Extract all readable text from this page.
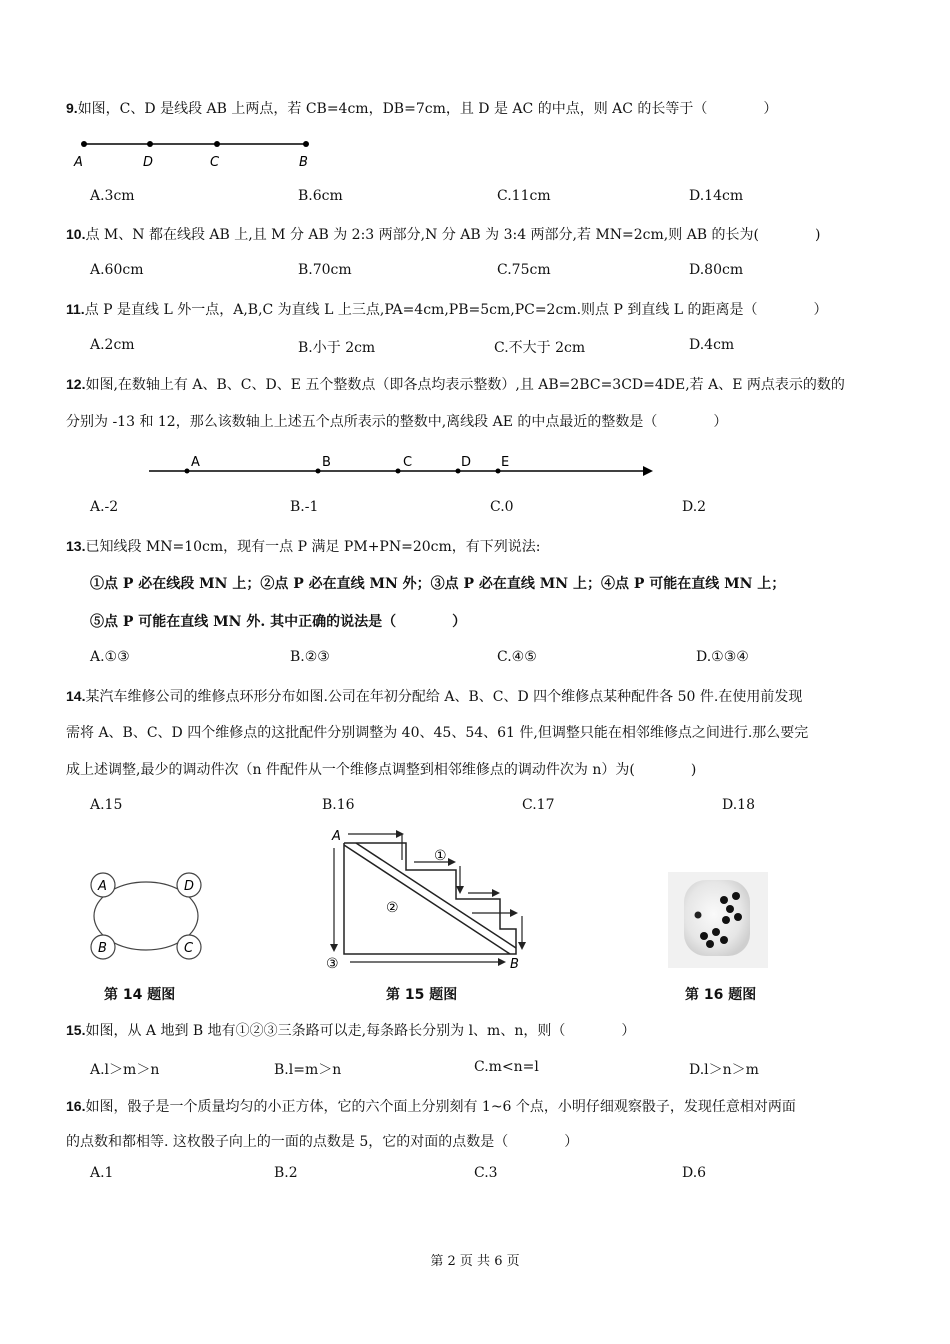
9.如图，C、D 是线段 AB 上两点，若 CB=4cm，DB=7cm，且 D 是 AC 的中点，则 AC 的长等于（　　　　）
A	D	C	B
A.3cm	B.6cm	C.11cm	D.14cm
10.点 M、N 都在线段 AB 上,且 M 分 AB 为 2:3 两部分,N 分 AB 为 3:4 两部分,若 MN=2cm,则 AB 的长为(　　　　)
A.60cm	B.70cm	C.75cm	D.80cm
11.点 P 是直线 L 外一点，A,B,C 为直线 L 上三点,PA=4cm,PB=5cm,PC=2cm.则点 P 到直线 L 的距离是（　　　　）
A.2cm	B.小于 2cm	C.不大于 2cm	D.4cm
12.如图,在数轴上有 A、B、C、D、E 五个整数点（即各点均表示整数）,且 AB=2BC=3CD=4DE,若 A、E 两点表示的数的
分别为 -13 和 12，那么该数轴上上述五个点所表示的整数中,离线段 AE 的中点最近的整数是（　　　　）
A	B	C	D E
A.-2	B.-1	C.0	D.2
13.已知线段 MN=10cm，现有一点 P 满足 PM+PN=20cm，有下列说法:
①点 P 必在线段 MN 上；②点 P 必在直线 MN 外；③点 P 必在直线 MN 上；④点 P 可能在直线 MN 上；
⑤点 P 可能在直线 MN 外. 其中正确的说法是（　　　　）
A.①③	B.②③	C.④⑤	D.①③④
14.某汽车维修公司的维修点环形分布如图.公司在年初分配给 A、B、C、D 四个维修点某种配件各 50 件.在使用前发现
需将 A、B、C、D 四个维修点的这批配件分别调整为 40、45、54、61 件,但调整只能在相邻维修点之间进行.那么要完
成上述调整,最少的调动件次（n 件配件从一个维修点调整到相邻维修点的调动件次为 n）为(　　　　)
A.15	B.16	C.17	D.18
A	D
B	C
A
B
①
②
③
第 14 题图	第 15 题图	第 16 题图
15.如图，从 A 地到 B 地有①②③三条路可以走,每条路长分别为 l、m、n，则（　　　　）
A.l＞m＞n	B.l=m＞n	C.m<n=l	D.l＞n＞m
16.如图，骰子是一个质量均匀的小正方体，它的六个面上分别刻有 1~6 个点，小明仔细观察骰子，发现任意相对两面
的点数和都相等. 这枚骰子向上的一面的点数是 5，它的对面的点数是（　　　　）
A.1	B.2	C.3	D.6
第 2 页 共 6 页
